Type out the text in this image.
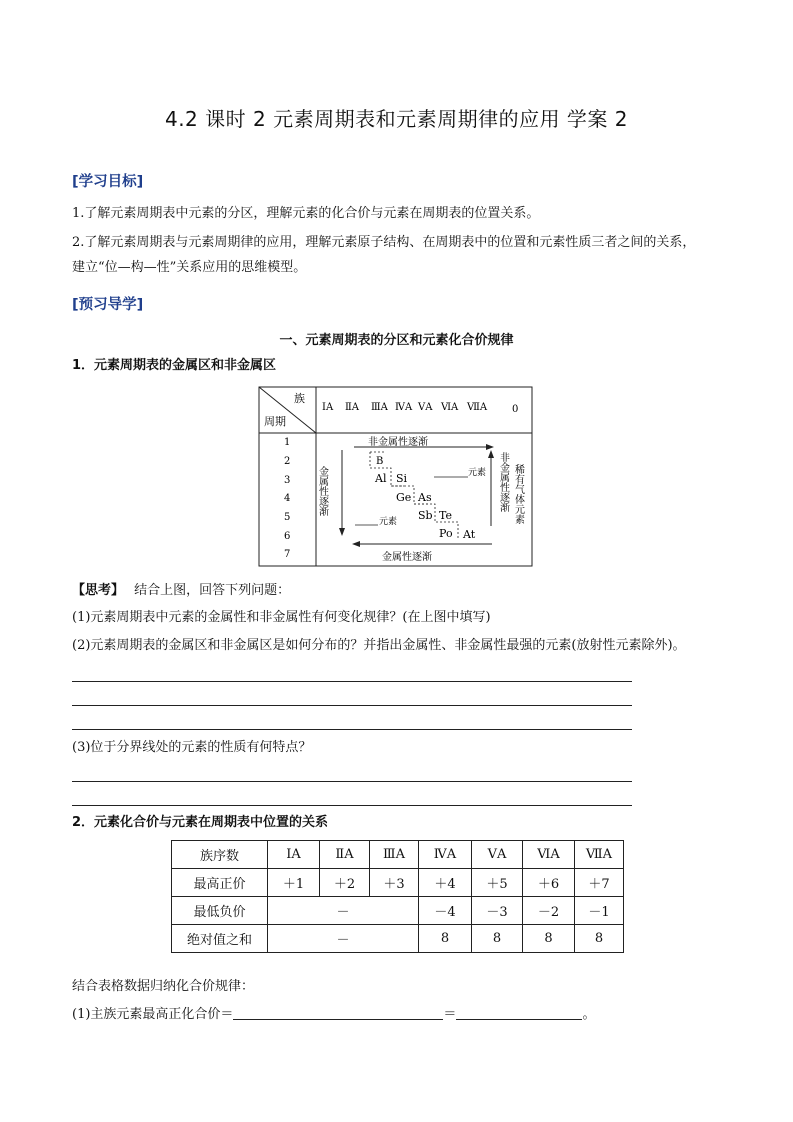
4.2 课时 2 元素周期表和元素周期律的应用 学案 2
[学习目标]
1.了解元素周期表中元素的分区，理解元素的化合价与元素在周期表的位置关系。
2.了解元素周期表与元素周期律的应用，理解元素原子结构、在周期表中的位置和元素性质三者之间的关系，
建立“位—构—性”关系应用的思维模型。
[预习导学]
一、元素周期表的分区和元素化合价规律
1．元素周期表的金属区和非金属区
族
周期
ⅠA ⅡA ⅢA ⅣA ⅤA ⅥA ⅦA 0
1
2
3
4
5
6
7
非金属性逐渐
金属性逐渐
金属性逐渐	非金属性逐渐 稀有气体元素
B
Al Si
Ge As
Sb Te
Po At
元素
元素
【思考】 结合上图，回答下列问题：
(1)元素周期表中元素的金属性和非金属性有何变化规律？(在上图中填写)
(2)元素周期表的金属区和非金属区是如何分布的？并指出金属性、非金属性最强的元素(放射性元素除外)。
(3)位于分界线处的元素的性质有何特点？
2．元素化合价与元素在周期表中位置的关系
族序数	ⅠA	ⅡA	ⅢA	ⅣA	ⅤA	ⅥA	ⅦA
最高正价	＋1	＋2	＋3	＋4	＋5	＋6	＋7
最低负价	－			－4	－3	－2	－1
绝对值之和	－			8	8	8	8
结合表格数据归纳化合价规律：
(1)主族元素最高正化合价＝	＝	。
